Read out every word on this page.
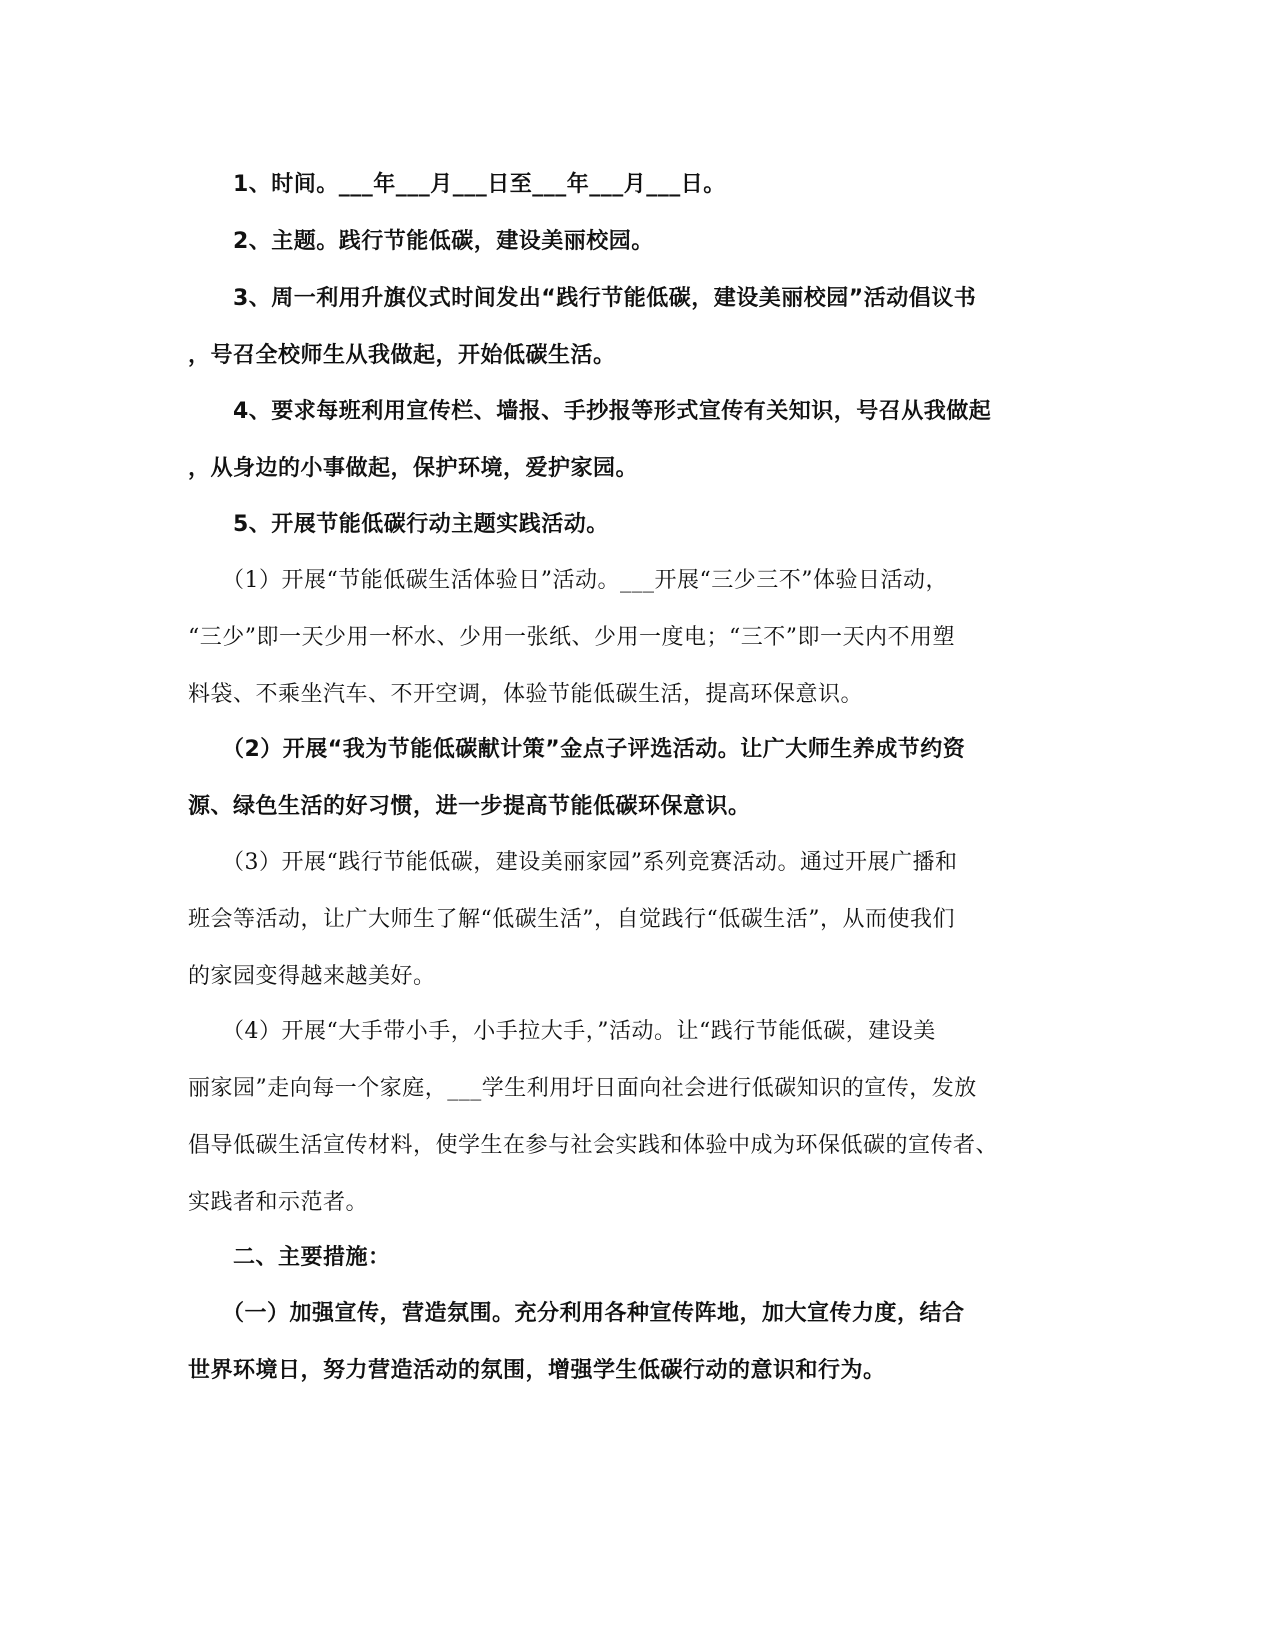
　　1、时间。___年___月___日至___年___月___日。
　　2、主题。践行节能低碳，建设美丽校园。
　　3、周一利用升旗仪式时间发出“践行节能低碳，建设美丽校园”活动倡议书
，号召全校师生从我做起，开始低碳生活。
　　4、要求每班利用宣传栏、墙报、手抄报等形式宣传有关知识，号召从我做起
，从身边的小事做起，保护环境，爱护家园。
　　5、开展节能低碳行动主题实践活动。
　　（1）开展“节能低碳生活体验日”活动。___开展“三少三不”体验日活动，
“三少”即一天少用一杯水、少用一张纸、少用一度电；“三不”即一天内不用塑
料袋、不乘坐汽车、不开空调，体验节能低碳生活，提高环保意识。
　　（2）开展“我为节能低碳献计策”金点子评选活动。让广大师生养成节约资
源、绿色生活的好习惯，进一步提高节能低碳环保意识。
　　（3）开展“践行节能低碳，建设美丽家园”系列竞赛活动。通过开展广播和
班会等活动，让广大师生了解“低碳生活”，自觉践行“低碳生活”，从而使我们
的家园变得越来越美好。
　　（4）开展“大手带小手，小手拉大手，”活动。让“践行节能低碳，建设美
丽家园”走向每一个家庭，___学生利用圩日面向社会进行低碳知识的宣传，发放
倡导低碳生活宣传材料，使学生在参与社会实践和体验中成为环保低碳的宣传者、
实践者和示范者。
　　二、主要措施：
　　（一）加强宣传，营造氛围。充分利用各种宣传阵地，加大宣传力度，结合
世界环境日，努力营造活动的氛围，增强学生低碳行动的意识和行为。
